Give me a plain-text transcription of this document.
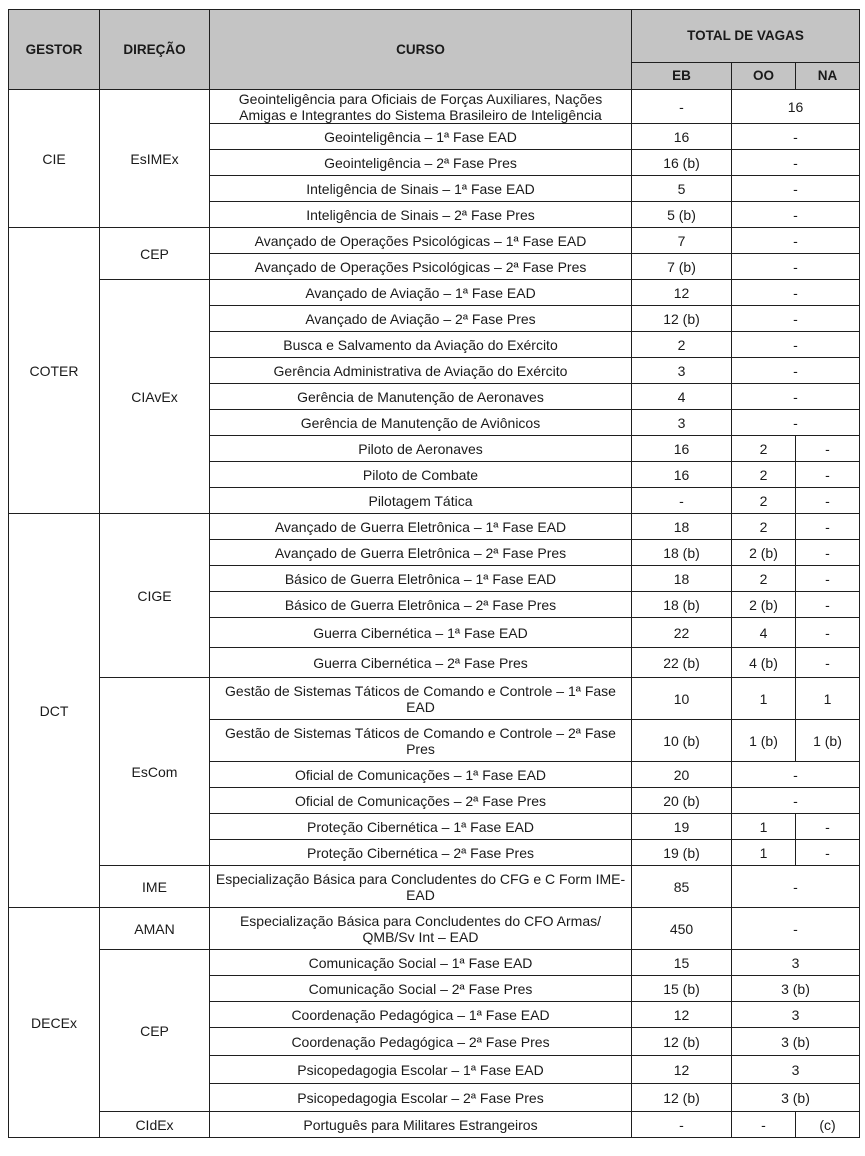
GESTOR	DIREÇÃO	CURSO	TOTAL DE VAGAS		
			EB	OO	NA
CIE	EsIMEx	Geointeligência para Oficiais de Forças Auxiliares, Nações Amigas e Integrantes do Sistema Brasileiro de Inteligência	-	16	
		Geointeligência – 1ª Fase EAD	16	-	
		Geointeligência – 2ª Fase Pres	16 (b)	-	
		Inteligência de Sinais – 1ª Fase EAD	5	-	
		Inteligência de Sinais – 2ª Fase Pres	5 (b)	-	
COTER	CEP	Avançado de Operações Psicológicas – 1ª Fase EAD	7	-	
		Avançado de Operações Psicológicas – 2ª Fase Pres	7 (b)	-	
	CIAvEx	Avançado de Aviação – 1ª Fase EAD	12	-	
		Avançado de Aviação – 2ª Fase Pres	12 (b)	-	
		Busca e Salvamento da Aviação do Exército	2	-	
		Gerência Administrativa de Aviação do Exército	3	-	
		Gerência de Manutenção de Aeronaves	4	-	
		Gerência de Manutenção de Aviônicos	3	-	
		Piloto de Aeronaves	16	2	-
		Piloto de Combate	16	2	-
		Pilotagem Tática	-	2	-
DCT	CIGE	Avançado de Guerra Eletrônica – 1ª Fase EAD	18	2	-
		Avançado de Guerra Eletrônica – 2ª Fase Pres	18 (b)	2 (b)	-
		Básico de Guerra Eletrônica – 1ª Fase EAD	18	2	-
		Básico de Guerra Eletrônica – 2ª Fase Pres	18 (b)	2 (b)	-
		Guerra Cibernética – 1ª Fase EAD	22	4	-
		Guerra Cibernética – 2ª Fase Pres	22 (b)	4 (b)	-
	EsCom	Gestão de Sistemas Táticos de Comando e Controle – 1ª Fase EAD	10	1	1
		Gestão de Sistemas Táticos de Comando e Controle – 2ª Fase Pres	10 (b)	1 (b)	1 (b)
		Oficial de Comunicações – 1ª Fase EAD	20	-	
		Oficial de Comunicações – 2ª Fase Pres	20 (b)	-	
		Proteção Cibernética – 1ª Fase EAD	19	1	-
		Proteção Cibernética – 2ª Fase Pres	19 (b)	1	-
	IME	Especialização Básica para Concludentes do CFG e C Form IME-EAD	85	-	
DECEx	AMAN	Especialização Básica para Concludentes do CFO Armas/ QMB/Sv Int – EAD	450	-	
	CEP	Comunicação Social – 1ª Fase EAD	15	3	
		Comunicação Social – 2ª Fase Pres	15 (b)	3 (b)	
		Coordenação Pedagógica – 1ª Fase EAD	12	3	
		Coordenação Pedagógica – 2ª Fase Pres	12 (b)	3 (b)	
		Psicopedagogia Escolar – 1ª Fase EAD	12	3	
		Psicopedagogia Escolar – 2ª Fase Pres	12 (b)	3 (b)	
	CIdEx	Português para Militares Estrangeiros	-	-	(c)
